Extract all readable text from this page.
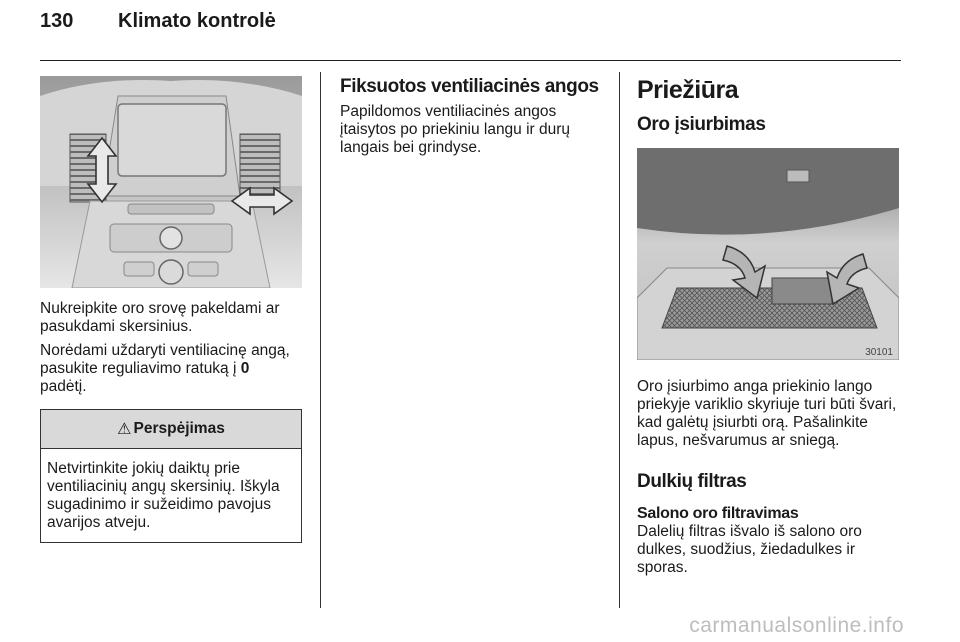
130 Klimato kontrolė

Nukreipkite oro srovę pakeldami ar pasukdami skersinius.

Norėdami uždaryti ventiliacinę angą, pasukite reguliavimo ratuką į 0
padėtį.

⚠ Perspėjimas

Netvirtinkite jokių daiktų prie ventiliacinių angų skersinių. Iškyla sugadinimo ir sužeidimo pavojus avarijos atveju.

Fiksuotos ventiliacinės angos

Papildomos ventiliacinės angos įtaisytos po priekiniu langu ir durų langais bei grindyse.

Priežiūra
Oro įsiurbimas
30101

Oro įsiurbimo anga priekinio lango priekyje variklio skyriuje turi būti švari, kad galėtų įsiurbti orą. Pašalinkite lapus, nešvarumus ar sniegą.

Dulkių filtras
Salono oro filtravimas

Dalelių filtras išvalo iš salono oro dulkes, suodžius, žiedadulkes ir sporas.

carmanualsonline.info
